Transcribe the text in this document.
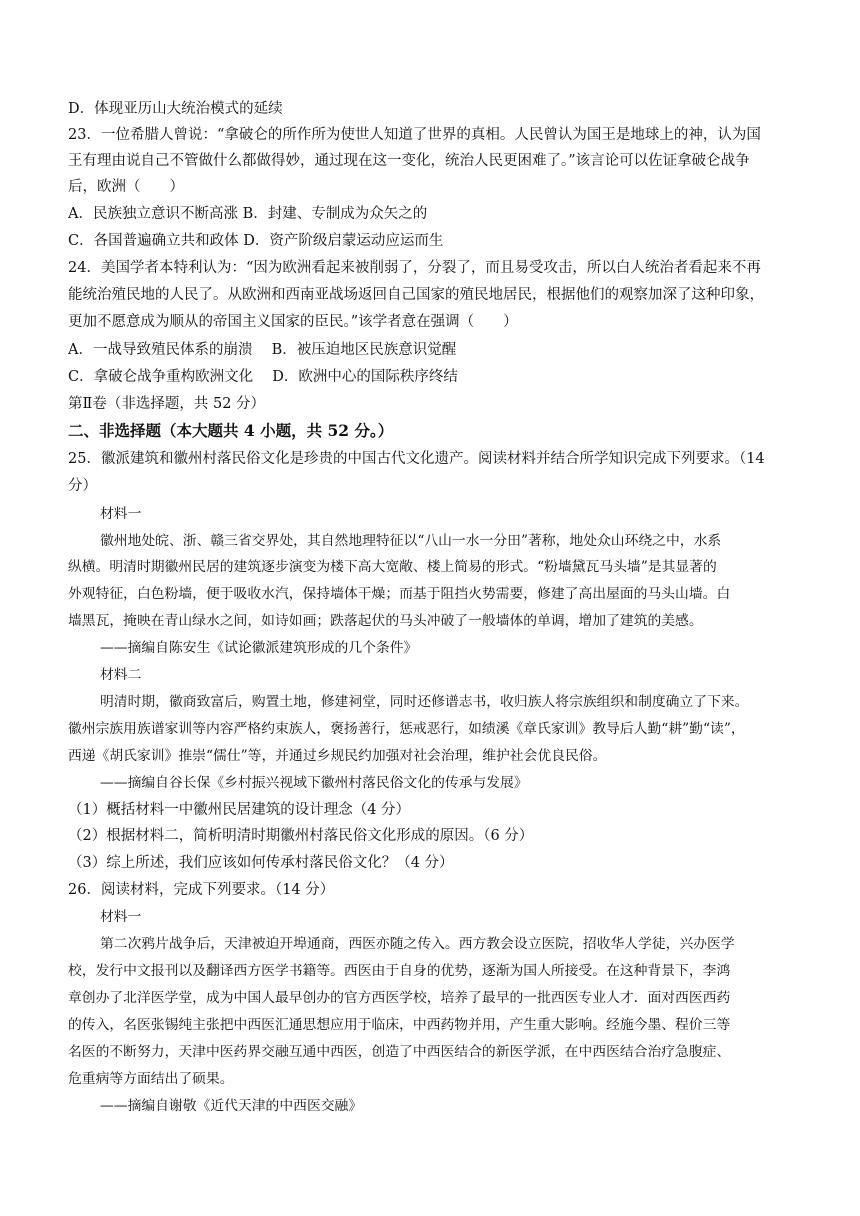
D．体现亚历山大统治模式的延续
23．一位希腊人曾说：“拿破仑的所作所为使世人知道了世界的真相。人民曾认为国王是地球上的神，认为国
王有理由说自己不管做什么都做得妙，通过现在这一变化，统治人民更困难了。”该言论可以佐证拿破仑战争
后，欧洲（　　）
A．民族独立意识不断高涨 B．封建、专制成为众矢之的
C．各国普遍确立共和政体 D．资产阶级启蒙运动应运而生
24．美国学者本特利认为：“因为欧洲看起来被削弱了，分裂了，而且易受攻击，所以白人统治者看起来不再
能统治殖民地的人民了。从欧洲和西南亚战场返回自己国家的殖民地居民，根据他们的观察加深了这种印象，
更加不愿意成为顺从的帝国主义国家的臣民。”该学者意在强调（　　）
A．一战导致殖民体系的崩溃　 B．被压迫地区民族意识觉醒
C．拿破仑战争重构欧洲文化　 D．欧洲中心的国际秩序终结
第Ⅱ卷（非选择题，共 52 分）
二、非选择题（本大题共 4 小题，共 52 分。）
25．徽派建筑和徽州村落民俗文化是珍贵的中国古代文化遗产。阅读材料并结合所学知识完成下列要求。（14
分）
材料一
徽州地处皖、浙、赣三省交界处，其自然地理特征以“八山一水一分田”著称，地处众山环绕之中，水系
纵横。明清时期徽州民居的建筑逐步演变为楼下高大宽敞、楼上简易的形式。“粉墙黛瓦马头墙”是其显著的
外观特征，白色粉墙，便于吸收水汽，保持墙体干燥；而基于阻挡火势需要，修建了高出屋面的马头山墙。白
墙黑瓦，掩映在青山绿水之间，如诗如画；跌落起伏的马头冲破了一般墙体的单调，增加了建筑的美感。
——摘编自陈安生《试论徽派建筑形成的几个条件》
材料二
明清时期，徽商致富后，购置土地，修建祠堂，同时还修谱志书，收归族人将宗族组织和制度确立了下来。
徽州宗族用族谱家训等内容严格约束族人，褒扬善行，惩戒恶行，如绩溪《章氏家训》教导后人勤“耕”勤“读”，
西递《胡氏家训》推崇“儒仕”等，并通过乡规民约加强对社会治理，维护社会优良民俗。
——摘编自谷长保《乡村振兴视域下徽州村落民俗文化的传承与发展》
（1）概括材料一中徽州民居建筑的设计理念（4 分）
（2）根据材料二，简析明清时期徽州村落民俗文化形成的原因。（6 分）
（3）综上所述，我们应该如何传承村落民俗文化？（4 分）
26．阅读材料，完成下列要求。（14 分）
材料一
第二次鸦片战争后，天津被迫开埠通商，西医亦随之传入。西方教会设立医院，招收华人学徒，兴办医学
校，发行中文报刊以及翻译西方医学书籍等。西医由于自身的优势，逐渐为国人所接受。在这种背景下，李鸿
章创办了北洋医学堂，成为中国人最早创办的官方西医学校，培养了最早的一批西医专业人才．面对西医西药
的传入，名医张锡纯主张把中西医汇通思想应用于临床，中西药物并用，产生重大影响。经施今墨、程价三等
名医的不断努力，天津中医药界交融互通中西医，创造了中西医结合的新医学派，在中西医结合治疗急腹症、
危重病等方面结出了硕果。
——摘编自谢敬《近代天津的中西医交融》
